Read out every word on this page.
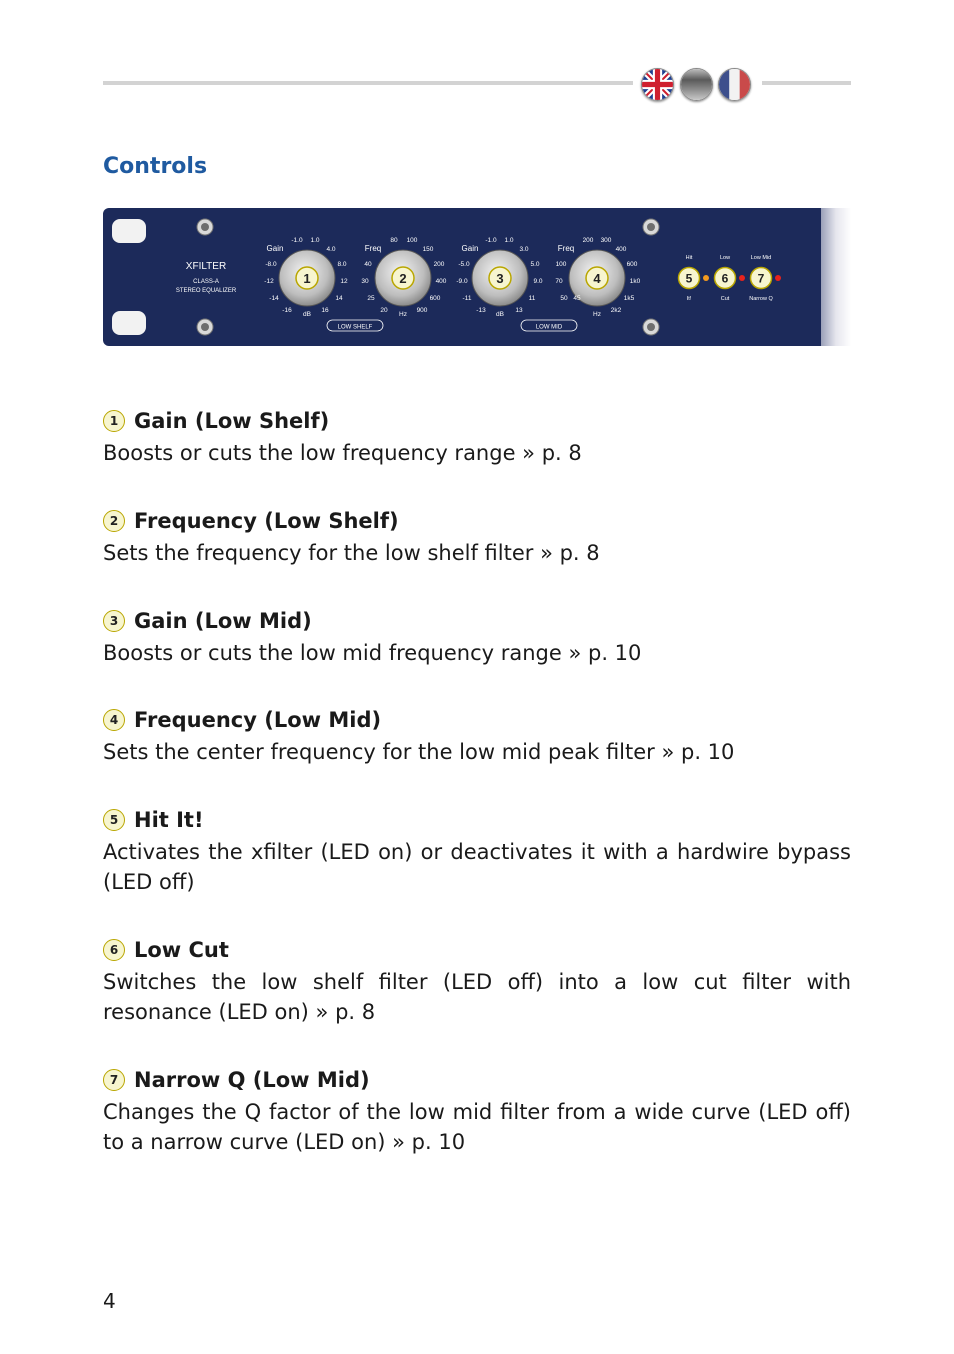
Controls
XFILTER
CLASS-A
STEREO EQUALIZER
1
Gain
-1.0 1.0
4.0
8.0
12
14
16
-16
-14
-12
-8.0
dB
2
Freq
80 100
150
200
400
600
900
20
25
30
40
Hz
LOW SHELF
3
Gain
-1.0 1.0
3.0
5.0
9.0
11
13
-13
-11
-9.0
-5.0
dB
4
Freq
200 300
400
600
1k0
1k5
2k2
45
50
70
100
Hz
LOW MID
Hit	Low	Low Mid
It!	Cut	Narrow Q
5 6 7
1 Gain (Low Shelf)

Boosts or cuts the low frequency range » p. 8

2 Frequency (Low Shelf)

Sets the frequency for the low shelf filter » p. 8

3 Gain (Low Mid)

Boosts or cuts the low mid frequency range » p. 10

4 Frequency (Low Mid)

Sets the center frequency for the low mid peak filter » p. 10

5 Hit It!

Activates the xfilter (LED on) or deactivates it with a hardwire bypass (LED off)

6 Low Cut

Switches the low shelf filter (LED off) into a low cut filter with resonance (LED on) » p. 8

7 Narrow Q (Low Mid)

Changes the Q factor of the low mid filter from a wide curve (LED off) to a narrow curve (LED on) » p. 10

4
